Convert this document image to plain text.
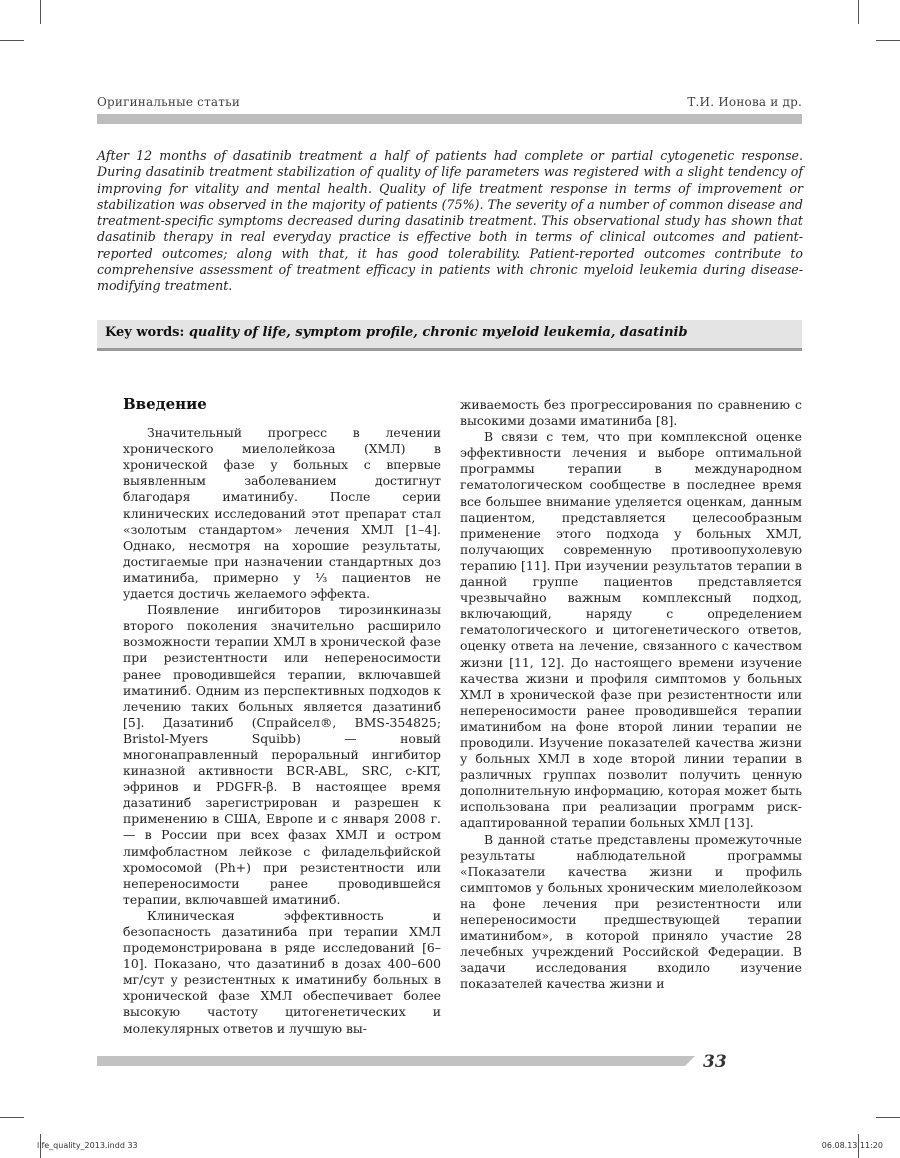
Оригинальные статьи	Т.И. Ионова и др.
After 12 months of dasatinib treatment a half of patients had complete or partial cytogenetic response. During dasatinib treatment stabilization of quality of life parameters was registered with a slight tendency of improving for vitality and mental health. Quality of life treatment response in terms of improvement or stabilization was observed in the majority of patients (75%). The severity of a number of common disease and treatment-specific symptoms decreased during dasatinib treatment. This observational study has shown that dasatinib therapy in real everyday practice is effective both in terms of clinical outcomes and patient-reported outcomes; along with that, it has good tolerability. Patient-reported outcomes contribute to comprehensive assessment of treatment efficacy in patients with chronic myeloid leukemia during disease-modifying treatment.
Key words: quality of life, symptom profile, chronic myeloid leukemia, dasatinib
Введение

Значительный прогресс в лечении хронического миелолейкоза (ХМЛ) в хронической фазе у больных с впервые выявленным заболеванием достигнут благодаря иматинибу. После серии клинических исследований этот препарат стал «золотым стандартом» лечения ХМЛ [1–4]. Однако, несмотря на хорошие результаты, достигаемые при назначении стандартных доз иматиниба, примерно у ⅓ пациентов не удается достичь желаемого эффекта.

Появление ингибиторов тирозинкиназы второго поколения значительно расширило возможности терапии ХМЛ в хронической фазе при резистентности или непереносимости ранее проводившейся терапии, включавшей иматиниб. Одним из перспективных подходов к лечению таких больных является дазатиниб [5]. Дазатиниб (Спрайсел®, BMS-354825; Bristol-Myers Squibb) — новый многонаправленный пероральный ингибитор киназной активности BCR-ABL, SRC, c-KIT, эфринов и PDGFR-β. В настоящее время дазатиниб зарегистрирован и разрешен к применению в США, Европе и с января 2008 г. — в России при всех фазах ХМЛ и остром лимфобластном лейкозе с филадельфийской хромосомой (Ph+) при резистентности или непереносимости ранее проводившейся терапии, включавшей иматиниб.

Клиническая эффективность и безопасность дазатиниба при терапии ХМЛ продемонстрирована в ряде исследований [6–10]. Показано, что дазатиниб в дозах 400–600 мг/сут у резистентных к иматинибу больных в хронической фазе ХМЛ обеспечивает более высокую частоту цитогенетических и молекулярных ответов и лучшую вы-

живаемость без прогрессирования по сравнению с высокими дозами иматиниба [8].

В связи с тем, что при комплексной оценке эффективности лечения и выборе оптимальной программы терапии в международном гематологическом сообществе в последнее время все большее внимание уделяется оценкам, данным пациентом, представляется целесообразным применение этого подхода у больных ХМЛ, получающих современную противоопухолевую терапию [11]. При изучении результатов терапии в данной группе пациентов представляется чрезвычайно важным комплексный подход, включающий, наряду с определением гематологического и цитогенетического ответов, оценку ответа на лечение, связанного с качеством жизни [11, 12]. До настоящего времени изучение качества жизни и профиля симптомов у больных ХМЛ в хронической фазе при резистентности или непереносимости ранее проводившейся терапии иматинибом на фоне второй линии терапии не проводили. Изучение показателей качества жизни у больных ХМЛ в ходе второй линии терапии в различных группах позволит получить ценную дополнительную информацию, которая может быть использована при реализации программ риск-адаптированной терапии больных ХМЛ [13].

В данной статье представлены промежуточные результаты наблюдательной программы «Показатели качества жизни и профиль симптомов у больных хроническим миелолейкозом на фоне лечения при резистентности или непереносимости предшествующей терапии иматинибом», в которой приняло участие 28 лечебных учреждений Российской Федерации. В задачи исследования входило изучение показателей качества жизни и

33
life_quality_2013.indd 33	06.08.13 11:20
